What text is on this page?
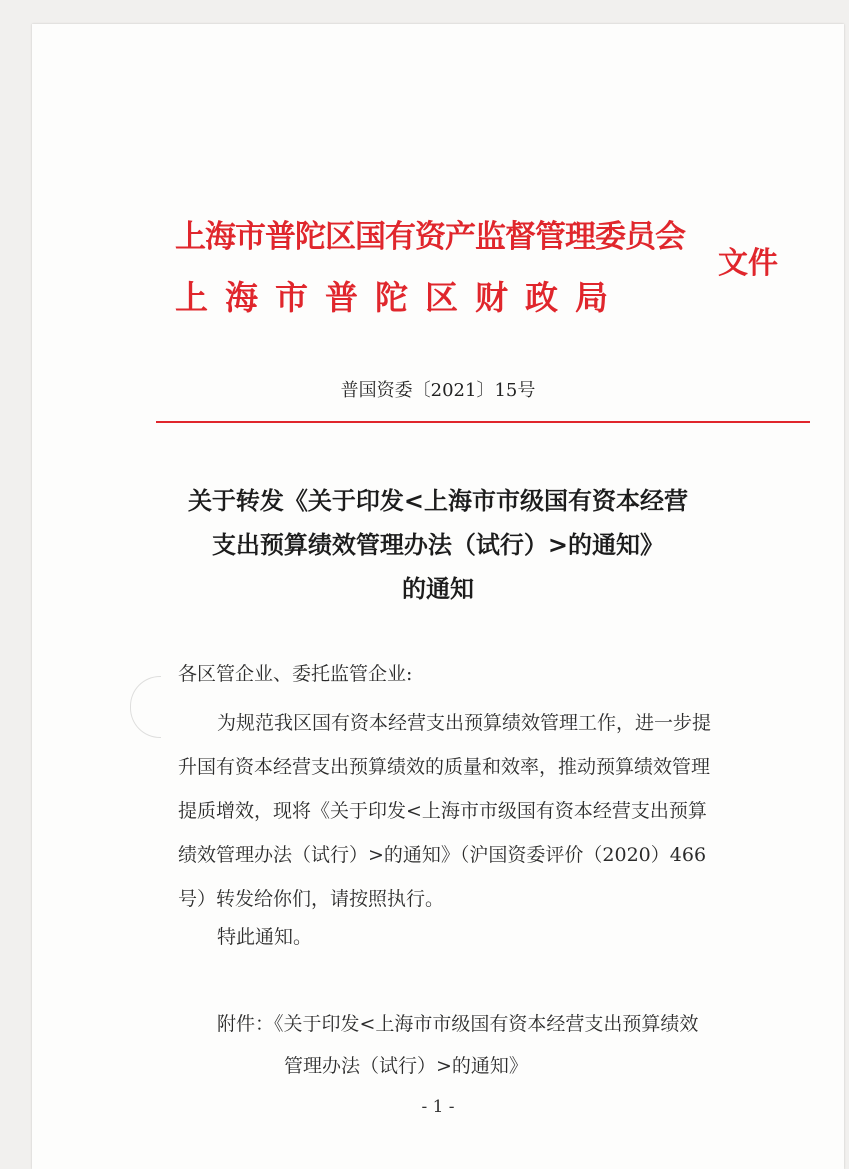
上海市普陀区国有资产监督管理委员会
文件
上海市普陀区财政局
普国资委〔2021〕15号
关于转发《关于印发<上海市市级国有资本经营
支出预算绩效管理办法（试行）>的通知》
的通知
各区管企业、委托监管企业:
为规范我区国有资本经营支出预算绩效管理工作，进一步提
升国有资本经营支出预算绩效的质量和效率，推动预算绩效管理
提质增效，现将《关于印发<上海市市级国有资本经营支出预算
绩效管理办法（试行）>的通知》（沪国资委评价（2020）466
号）转发给你们，请按照执行。
特此通知。
附件：《关于印发<上海市市级国有资本经营支出预算绩效
管理办法（试行）>的通知》
- 1 -
